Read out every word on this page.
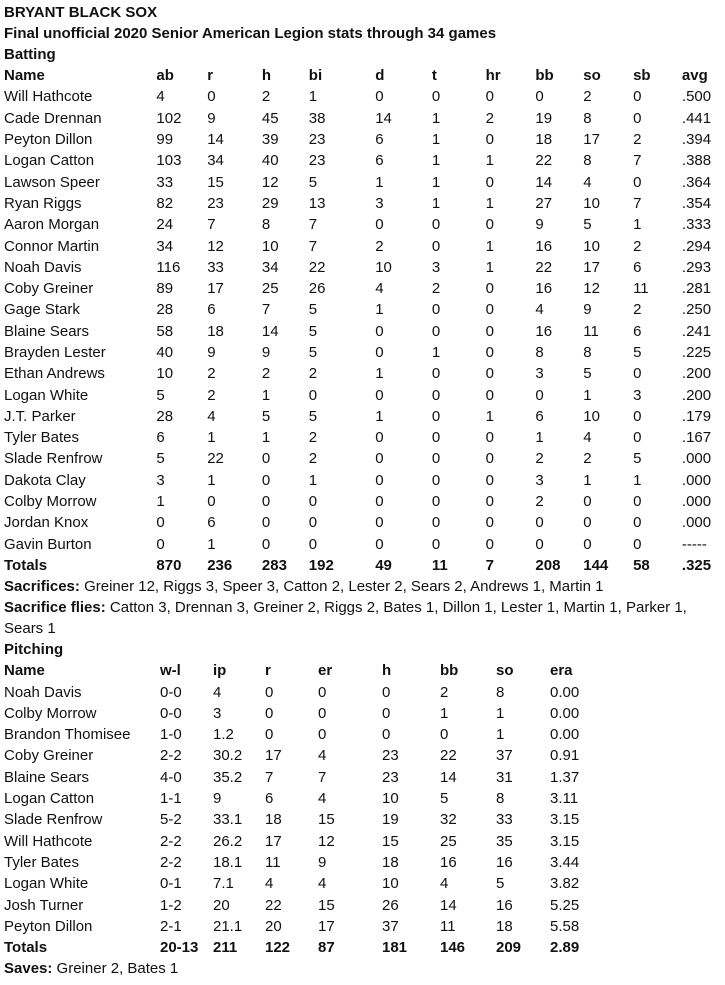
BRYANT BLACK SOX
Final unofficial 2020 Senior American Legion stats through 34 games
Batting
Name	ab	r	h	bi	d	t	hr	bb	so	sb	avg
Will Hathcote	4	0	2	1	0	0	0	0	2	0	.500
Cade Drennan	102	9	45	38	14	1	2	19	8	0	.441
Peyton Dillon	99	14	39	23	6	1	0	18	17	2	.394
Logan Catton	103	34	40	23	6	1	1	22	8	7	.388
Lawson Speer	33	15	12	5	1	1	0	14	4	0	.364
Ryan Riggs	82	23	29	13	3	1	1	27	10	7	.354
Aaron Morgan	24	7	8	7	0	0	0	9	5	1	.333
Connor Martin	34	12	10	7	2	0	1	16	10	2	.294
Noah Davis	116	33	34	22	10	3	1	22	17	6	.293
Coby Greiner	89	17	25	26	4	2	0	16	12	11	.281
Gage Stark	28	6	7	5	1	0	0	4	9	2	.250
Blaine Sears	58	18	14	5	0	0	0	16	11	6	.241
Brayden Lester	40	9	9	5	0	1	0	8	8	5	.225
Ethan Andrews	10	2	2	2	1	0	0	3	5	0	.200
Logan White	5	2	1	0	0	0	0	0	1	3	.200
J.T. Parker	28	4	5	5	1	0	1	6	10	0	.179
Tyler Bates	6	1	1	2	0	0	0	1	4	0	.167
Slade Renfrow	5	22	0	2	0	0	0	2	2	5	.000
Dakota Clay	3	1	0	1	0	0	0	3	1	1	.000
Colby Morrow	1	0	0	0	0	0	0	2	0	0	.000
Jordan Knox	0	6	0	0	0	0	0	0	0	0	.000
Gavin Burton	0	1	0	0	0	0	0	0	0	0	-----
Totals	870	236	283	192	49	11	7	208	144	58	.325
Sacrifices: Greiner 12, Riggs 3, Speer 3, Catton 2, Lester 2, Sears 2, Andrews 1, Martin 1
Sacrifice flies: Catton 3, Drennan 3, Greiner 2, Riggs 2, Bates 1, Dillon 1, Lester 1, Martin 1, Parker 1, Sears 1
Pitching
Name	w-l	ip	r	er	h	bb	so	era
Noah Davis	0-0	4	0	0	0	2	8	0.00
Colby Morrow	0-0	3	0	0	0	1	1	0.00
Brandon Thomisee	1-0	1.2	0	0	0	0	1	0.00
Coby Greiner	2-2	30.2	17	4	23	22	37	0.91
Blaine Sears	4-0	35.2	7	7	23	14	31	1.37
Logan Catton	1-1	9	6	4	10	5	8	3.11
Slade Renfrow	5-2	33.1	18	15	19	32	33	3.15
Will Hathcote	2-2	26.2	17	12	15	25	35	3.15
Tyler Bates	2-2	18.1	11	9	18	16	16	3.44
Logan White	0-1	7.1	4	4	10	4	5	3.82
Josh Turner	1-2	20	22	15	26	14	16	5.25
Peyton Dillon	2-1	21.1	20	17	37	11	18	5.58
Totals	20-13 211	122	87	181	146	209	2.89
Saves: Greiner 2, Bates 1
